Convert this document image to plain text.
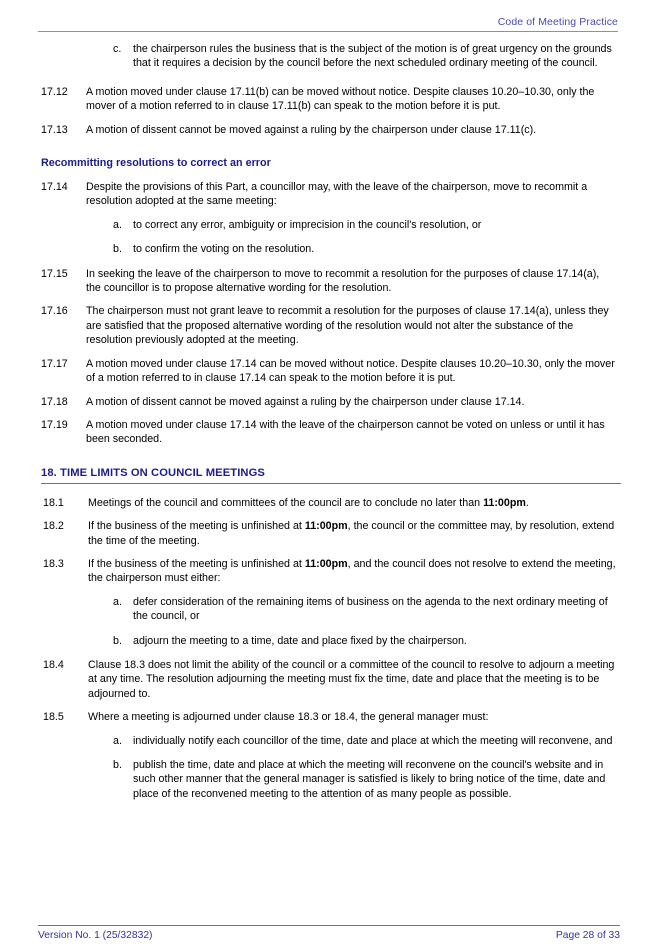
Code of Meeting Practice
c.	the chairperson rules the business that is the subject of the motion is of great urgency on the grounds that it requires a decision by the council before the next scheduled ordinary meeting of the council.
17.12	A motion moved under clause 17.11(b) can be moved without notice. Despite clauses 10.20–10.30, only the mover of a motion referred to in clause 17.11(b) can speak to the motion before it is put.
17.13	A motion of dissent cannot be moved against a ruling by the chairperson under clause 17.11(c).
Recommitting resolutions to correct an error
17.14	Despite the provisions of this Part, a councillor may, with the leave of the chairperson, move to recommit a resolution adopted at the same meeting:
a.	to correct any error, ambiguity or imprecision in the council's resolution, or
b.	to confirm the voting on the resolution.
17.15	In seeking the leave of the chairperson to move to recommit a resolution for the purposes of clause 17.14(a), the councillor is to propose alternative wording for the resolution.
17.16	The chairperson must not grant leave to recommit a resolution for the purposes of clause 17.14(a), unless they are satisfied that the proposed alternative wording of the resolution would not alter the substance of the resolution previously adopted at the meeting.
17.17	A motion moved under clause 17.14 can be moved without notice. Despite clauses 10.20–10.30, only the mover of a motion referred to in clause 17.14 can speak to the motion before it is put.
17.18	A motion of dissent cannot be moved against a ruling by the chairperson under clause 17.14.
17.19	A motion moved under clause 17.14 with the leave of the chairperson cannot be voted on unless or until it has been seconded.
18. TIME LIMITS ON COUNCIL MEETINGS
18.1	Meetings of the council and committees of the council are to conclude no later than 11:00pm.
18.2	If the business of the meeting is unfinished at 11:00pm, the council or the committee may, by resolution, extend the time of the meeting.
18.3	If the business of the meeting is unfinished at 11:00pm, and the council does not resolve to extend the meeting, the chairperson must either:
a.	defer consideration of the remaining items of business on the agenda to the next ordinary meeting of the council, or
b.	adjourn the meeting to a time, date and place fixed by the chairperson.
18.4	Clause 18.3 does not limit the ability of the council or a committee of the council to resolve to adjourn a meeting at any time. The resolution adjourning the meeting must fix the time, date and place that the meeting is to be adjourned to.
18.5	Where a meeting is adjourned under clause 18.3 or 18.4, the general manager must:
a.	individually notify each councillor of the time, date and place at which the meeting will reconvene, and
b.	publish the time, date and place at which the meeting will reconvene on the council's website and in such other manner that the general manager is satisfied is likely to bring notice of the time, date and place of the reconvened meeting to the attention of as many people as possible.
Version No. 1 (25/32832)	Page 28 of 33
